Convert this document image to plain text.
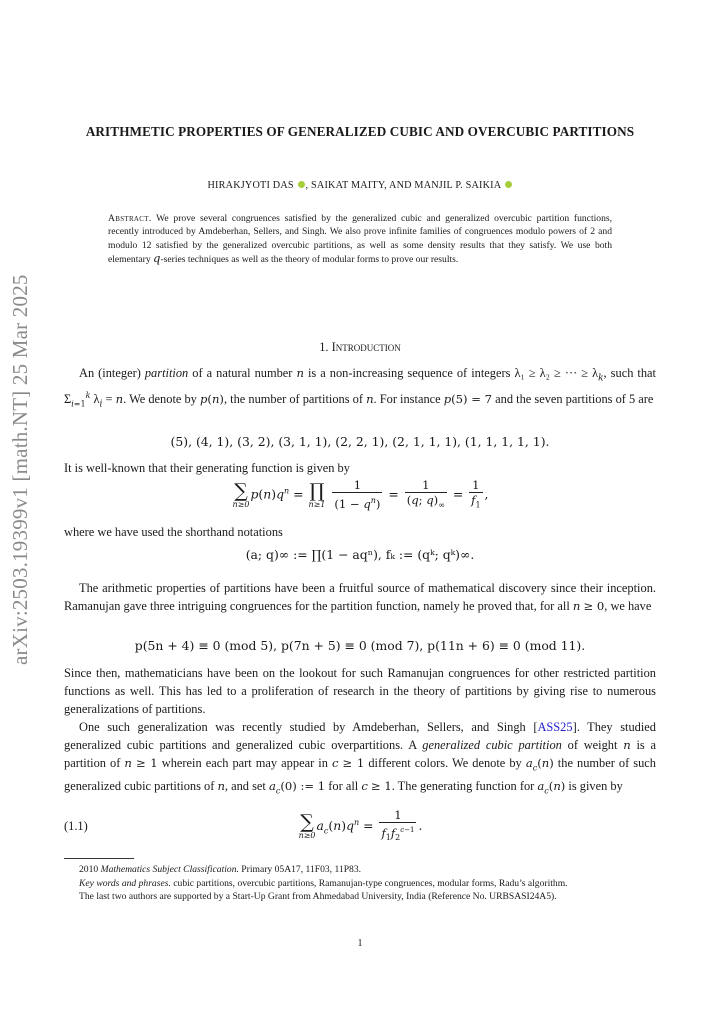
arXiv:2503.19399v1 [math.NT] 25 Mar 2025
ARITHMETIC PROPERTIES OF GENERALIZED CUBIC AND OVERCUBIC PARTITIONS
HIRAKJYOTI DAS , SAIKAT MAITY, AND MANJIL P. SAIKIA
Abstract. We prove several congruences satisfied by the generalized cubic and generalized overcubic partition functions, recently introduced by Amdeberhan, Sellers, and Singh. We also prove infinite families of congruences modulo powers of 2 and modulo 12 satisfied by the generalized overcubic partitions, as well as some density results that they satisfy. We use both elementary q-series techniques as well as the theory of modular forms to prove our results.
1. Introduction

An (integer) partition of a natural number n is a non-increasing sequence of integers λ₁ ≥ λ₂ ≥ ··· ≥ $\lambda_k$, such that $\Sigma_{i=1}^k$ $\lambda_i = n$. We denote by p(n), the number of partitions of n. For instance p(5) = 7 and the seven partitions of 5 are

(5), (4, 1), (3, 2), (3, 1, 1), (2, 2, 1), (2, 1, 1, 1), (1, 1, 1, 1, 1).

It is well-known that their generating function is given by

∑
n≥0
$p(n)q^n$ = ∏
n≥1
$\frac{1}{(1 - q^n)} = \frac{1}{(q; q)_\infty} = \frac{1}{f_1}$ ,

where we have used the shorthand notations

(a; q)∞ := ∏(1 − aqⁿ), fₖ := (qᵏ; qᵏ)∞.

The arithmetic properties of partitions have been a fruitful source of mathematical discovery since their inception. Ramanujan gave three intriguing congruences for the partition function, namely he proved that, for all n ≥ 0, we have

p(5n + 4) ≡ 0 (mod 5), p(7n + 5) ≡ 0 (mod 7), p(11n + 6) ≡ 0 (mod 11).

Since then, mathematicians have been on the lookout for such Ramanujan congruences for other restricted partition functions as well. This has led to a proliferation of research in the theory of partitions by giving rise to numerous generalizations of partitions.

One such generalization was recently studied by Amdeberhan, Sellers, and Singh [ASS25]. They studied generalized cubic partitions and generalized cubic overpartitions. A generalized cubic partition of weight n is a partition of n ≥ 1 wherein each part may appear in c ≥ 1 different colors. We denote by $a_c(n)$ the number of such generalized cubic partitions of n, and set $a_c(0)$ := 1 for all c ≥ 1. The generating function for $a_c(n)$ is given by

(1.1)	∑
n≥0
$a_c(n)q^n = \frac{1}{f_1f_2^{c-1}}$ .

2010 Mathematics Subject Classification. Primary 05A17, 11F03, 11P83.

Key words and phrases. cubic partitions, overcubic partitions, Ramanujan-type congruences, modular forms, Radu’s algorithm.

The last two authors are supported by a Start-Up Grant from Ahmedabad University, India (Reference No. URBSASI24A5).

1
